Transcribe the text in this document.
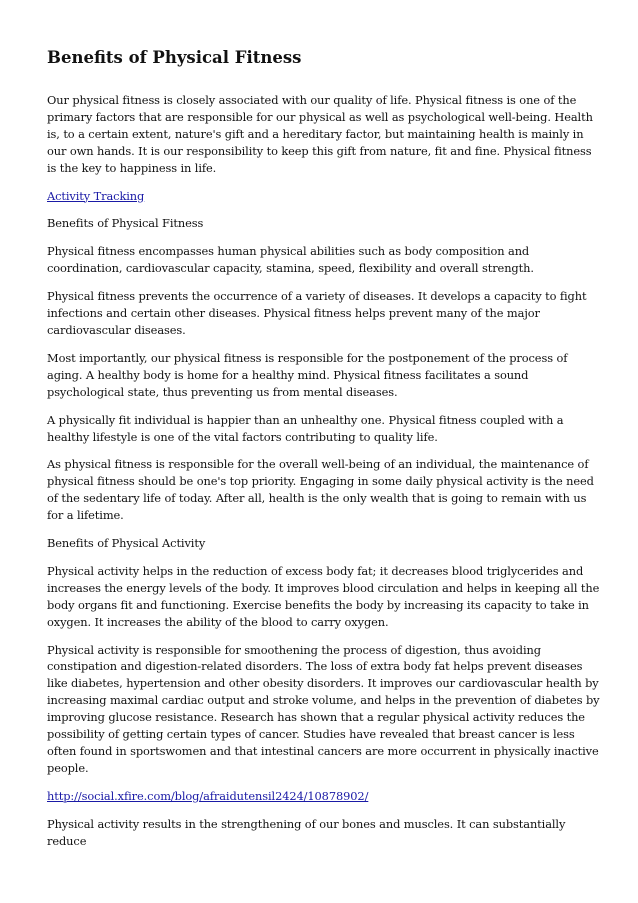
Benefits of Physical Fitness

Our physical fitness is closely associated with our quality of life. Physical fitness is one of the primary factors that are responsible for our physical as well as psychological well-being. Health is, to a certain extent, nature's gift and a hereditary factor, but maintaining health is mainly in our own hands. It is our responsibility to keep this gift from nature, fit and fine. Physical fitness is the key to happiness in life.

Activity Tracking

Benefits of Physical Fitness

Physical fitness encompasses human physical abilities such as body composition and coordination, cardiovascular capacity, stamina, speed, flexibility and overall strength.

Physical fitness prevents the occurrence of a variety of diseases. It develops a capacity to fight infections and certain other diseases. Physical fitness helps prevent many of the major cardiovascular diseases.

Most importantly, our physical fitness is responsible for the postponement of the process of aging. A healthy body is home for a healthy mind. Physical fitness facilitates a sound psychological state, thus preventing us from mental diseases.

A physically fit individual is happier than an unhealthy one. Physical fitness coupled with a healthy lifestyle is one of the vital factors contributing to quality life.

As physical fitness is responsible for the overall well-being of an individual, the maintenance of physical fitness should be one's top priority. Engaging in some daily physical activity is the need of the sedentary life of today. After all, health is the only wealth that is going to remain with us for a lifetime.

Benefits of Physical Activity

Physical activity helps in the reduction of excess body fat; it decreases blood triglycerides and increases the energy levels of the body. It improves blood circulation and helps in keeping all the body organs fit and functioning. Exercise benefits the body by increasing its capacity to take in oxygen. It increases the ability of the blood to carry oxygen.

Physical activity is responsible for smoothening the process of digestion, thus avoiding constipation and digestion-related disorders. The loss of extra body fat helps prevent diseases like diabetes, hypertension and other obesity disorders. It improves our cardiovascular health by increasing maximal cardiac output and stroke volume, and helps in the prevention of diabetes by improving glucose resistance. Research has shown that a regular physical activity reduces the possibility of getting certain types of cancer. Studies have revealed that breast cancer is less often found in sportswomen and that intestinal cancers are more occurrent in physically inactive people.

http://social.xfire.com/blog/afraidutensil2424/10878902/

Physical activity results in the strengthening of our bones and muscles. It can substantially reduce
